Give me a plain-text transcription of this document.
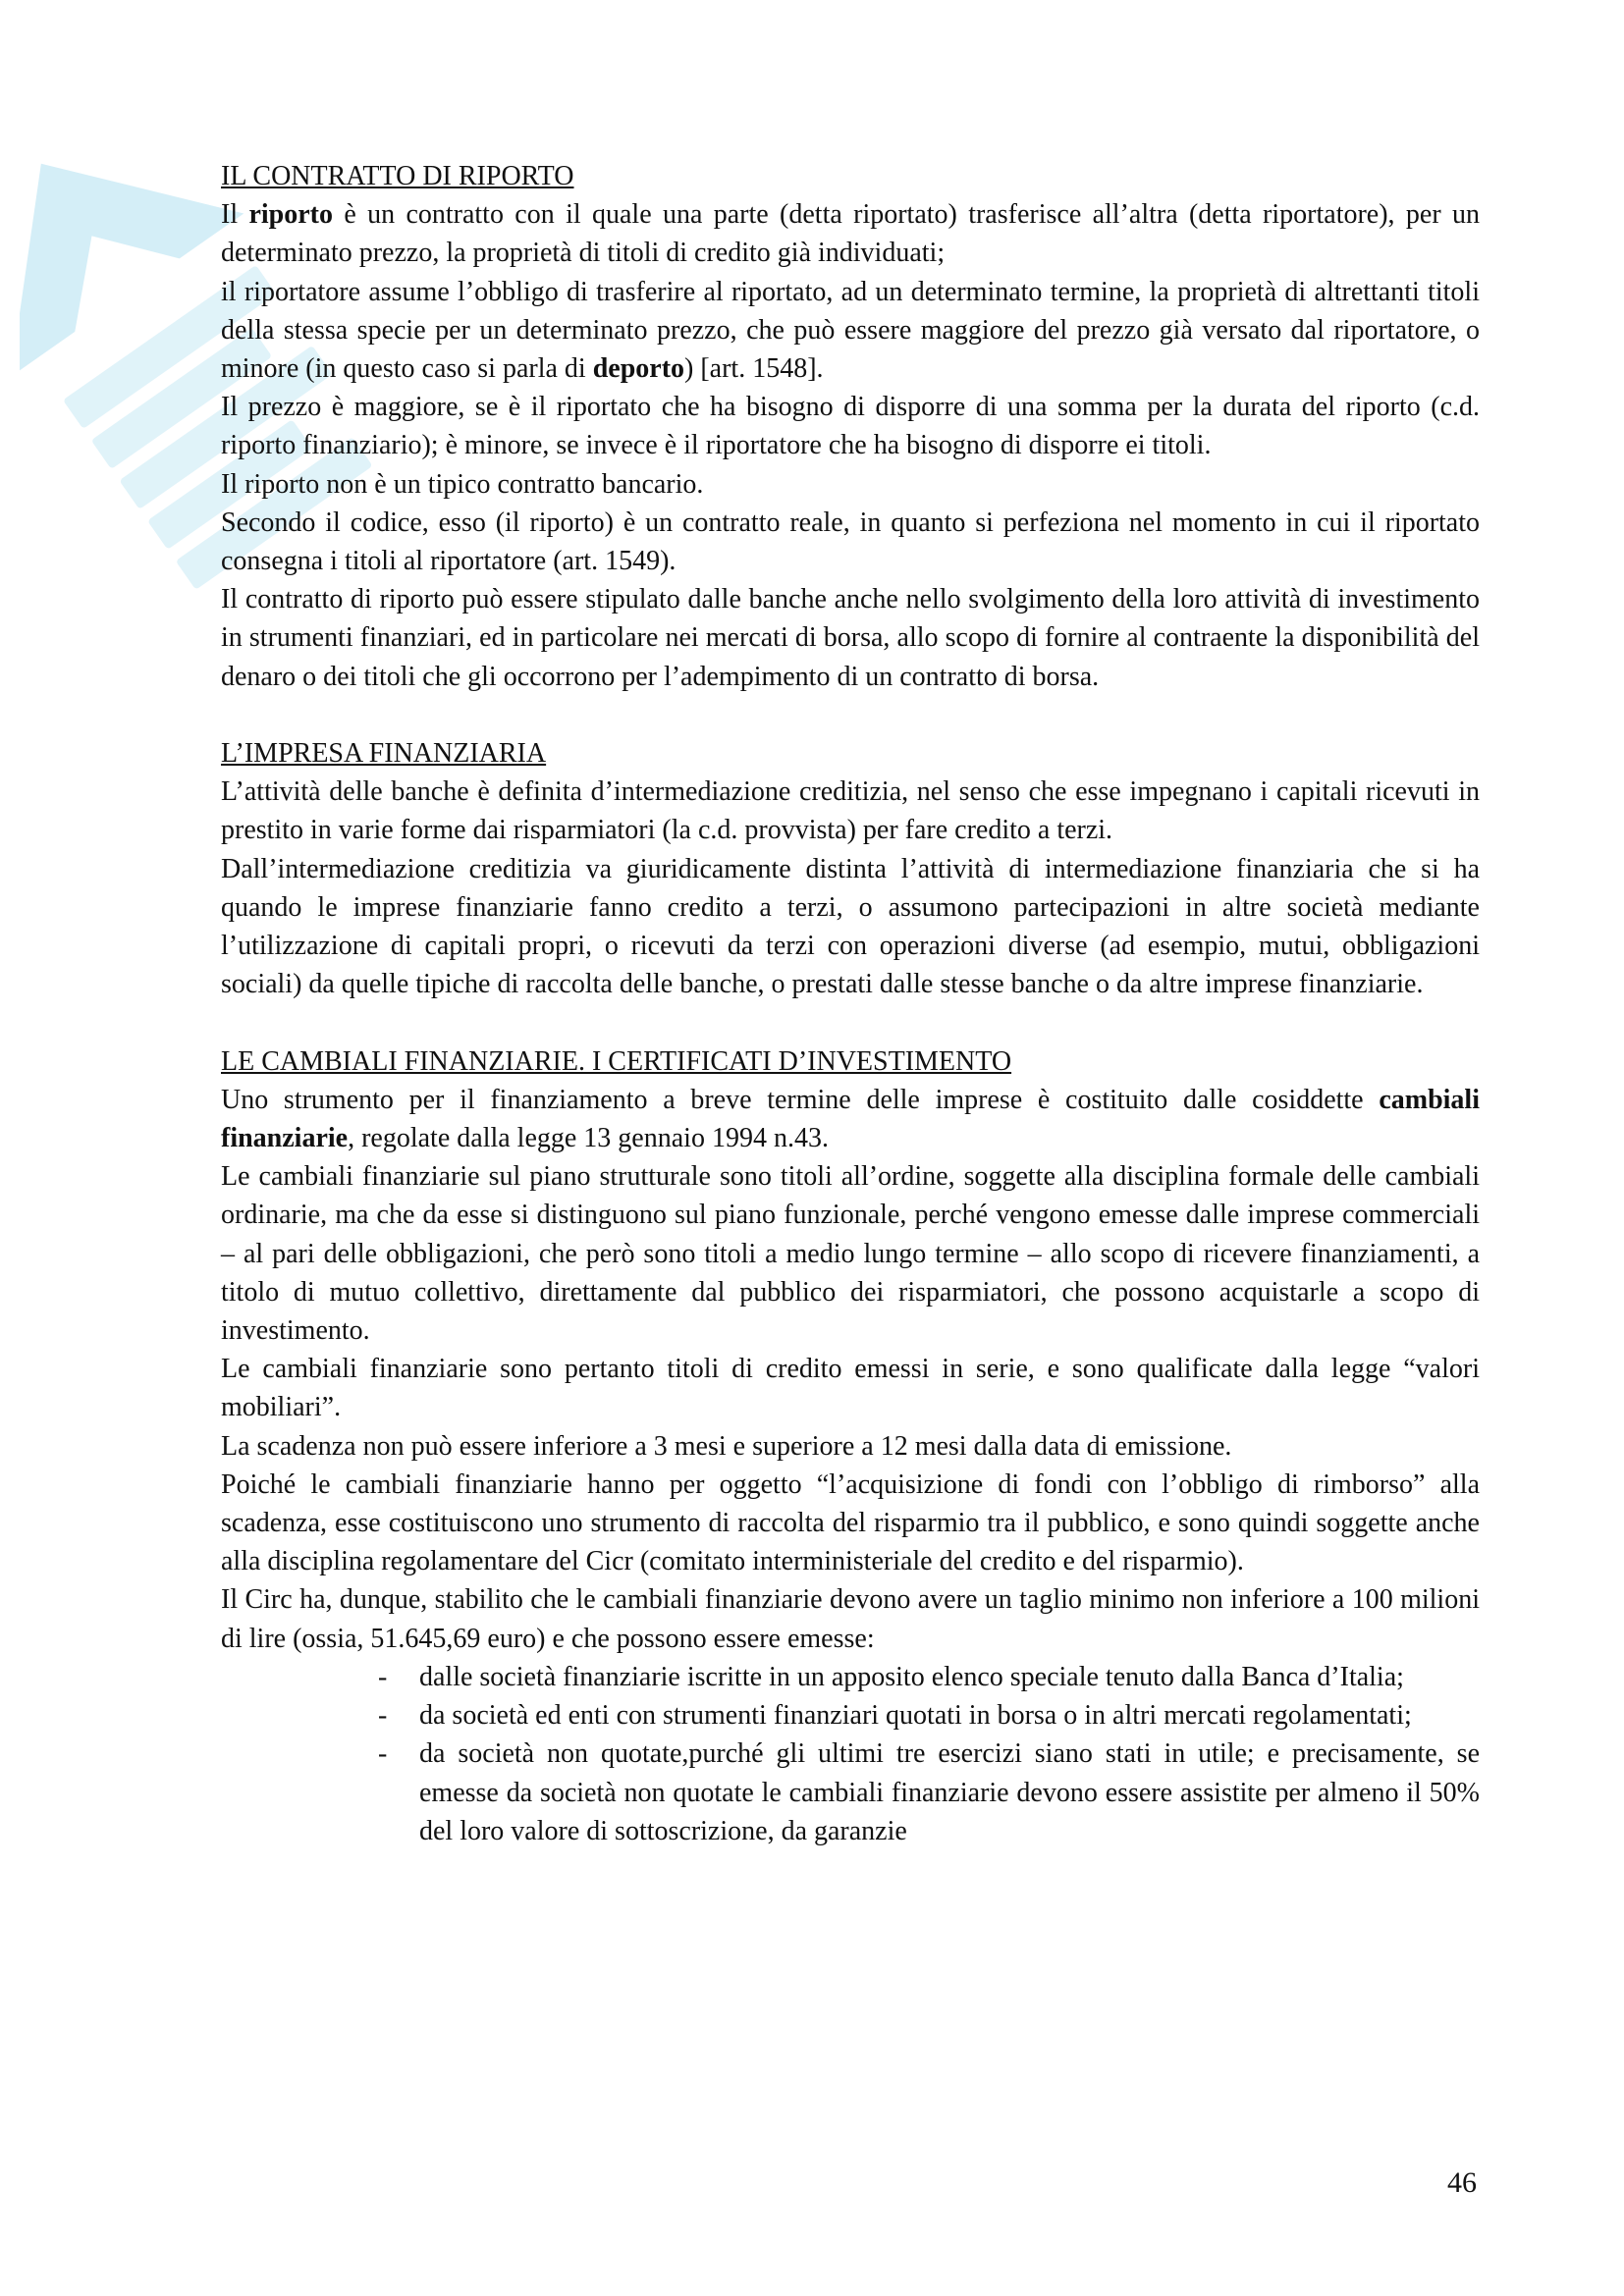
IL CONTRATTO DI RIPORTO

Il riporto è un contratto con il quale una parte (detta riportato) trasferisce all’altra (detta riportatore), per un determinato prezzo, la proprietà di titoli di credito già individuati;

il riportatore assume l’obbligo di trasferire al riportato, ad un determinato termine, la proprietà di altrettanti titoli della stessa specie per un determinato prezzo, che può essere maggiore del prezzo già versato dal riportatore, o minore (in questo caso si parla di deporto) [art. 1548].

Il prezzo è maggiore, se è il riportato che ha bisogno di disporre di una somma per la durata del riporto (c.d. riporto finanziario); è minore, se invece è il riportatore che ha bisogno di disporre ei titoli.

Il riporto non è un tipico contratto bancario.

Secondo il codice, esso (il riporto) è un contratto reale, in quanto si perfeziona nel momento in cui il riportato consegna i titoli al riportatore (art. 1549).

Il contratto di riporto può essere stipulato dalle banche anche nello svolgimento della loro attività di investimento in strumenti finanziari, ed in particolare nei mercati di borsa, allo scopo di fornire al contraente la disponibilità del denaro o dei titoli che gli occorrono per l’adempimento di un contratto di borsa.

L’IMPRESA FINANZIARIA

L’attività delle banche è definita d’intermediazione creditizia, nel senso che esse impegnano i capitali ricevuti in prestito in varie forme dai risparmiatori (la c.d. provvista) per fare credito a terzi.

Dall’intermediazione creditizia va giuridicamente distinta l’attività di intermediazione finanziaria che si ha quando le imprese finanziarie fanno credito a terzi, o assumono partecipazioni in altre società mediante l’utilizzazione di capitali propri, o ricevuti da terzi con operazioni diverse (ad esempio, mutui, obbligazioni sociali) da quelle tipiche di raccolta delle banche, o prestati dalle stesse banche o da altre imprese finanziarie.

LE CAMBIALI FINANZIARIE. I CERTIFICATI D’INVESTIMENTO

Uno strumento per il finanziamento a breve termine delle imprese è costituito dalle cosiddette cambiali finanziarie, regolate dalla legge 13 gennaio 1994 n.43.

Le cambiali finanziarie sul piano strutturale sono titoli all’ordine, soggette alla disciplina formale delle cambiali ordinarie, ma che da esse si distinguono sul piano funzionale, perché vengono emesse dalle imprese commerciali – al pari delle obbligazioni, che però sono titoli a medio lungo termine – allo scopo di ricevere finanziamenti, a titolo di mutuo collettivo, direttamente dal pubblico dei risparmiatori, che possono acquistarle a scopo di investimento.

Le cambiali finanziarie sono pertanto titoli di credito emessi in serie, e sono qualificate dalla legge “valori mobiliari”.

La scadenza non può essere inferiore a 3 mesi e superiore a 12 mesi dalla data di emissione.

Poiché le cambiali finanziarie hanno per oggetto “l’acquisizione di fondi con l’obbligo di rimborso” alla scadenza, esse costituiscono uno strumento di raccolta del risparmio tra il pubblico, e sono quindi soggette anche alla disciplina regolamentare del Cicr (comitato interministeriale del credito e del risparmio).

Il Circ ha, dunque, stabilito che le cambiali finanziarie devono avere un taglio minimo non inferiore a 100 milioni di lire (ossia, 51.645,69 euro) e che possono essere emesse:

- dalle società finanziarie iscritte in un apposito elenco speciale tenuto dalla Banca d’Italia;
- da società ed enti con strumenti finanziari quotati in borsa o in altri mercati regolamentati;
- da società non quotate,purché gli ultimi tre esercizi siano stati in utile; e precisamente, se emesse da società non quotate le cambiali finanziarie devono essere assistite per almeno il 50% del loro valore di sottoscrizione, da garanzie
46
